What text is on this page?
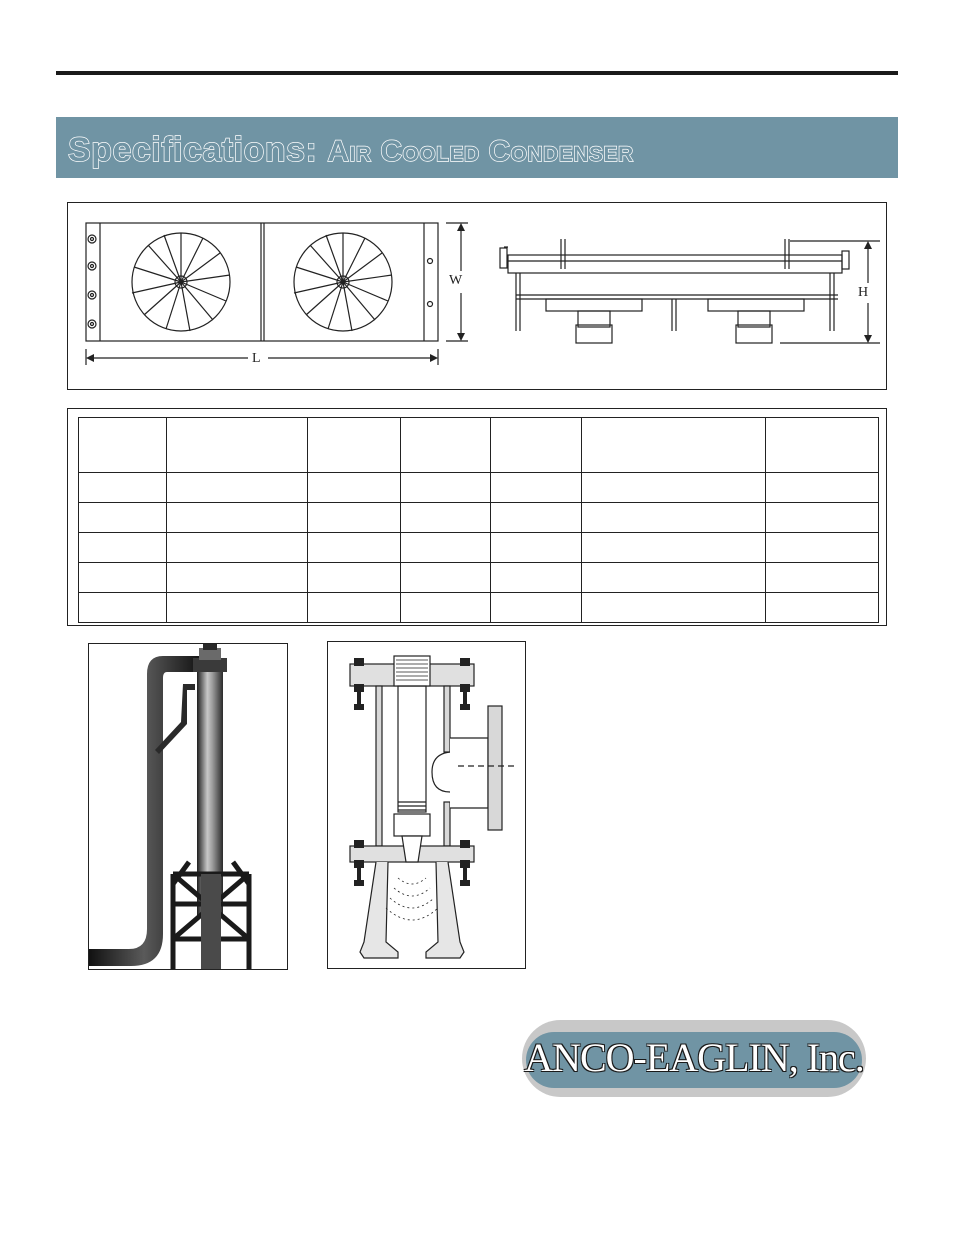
Specifications: Air Cooled Condenser
W
L
H

ANCO-EAGLIN, Inc.
